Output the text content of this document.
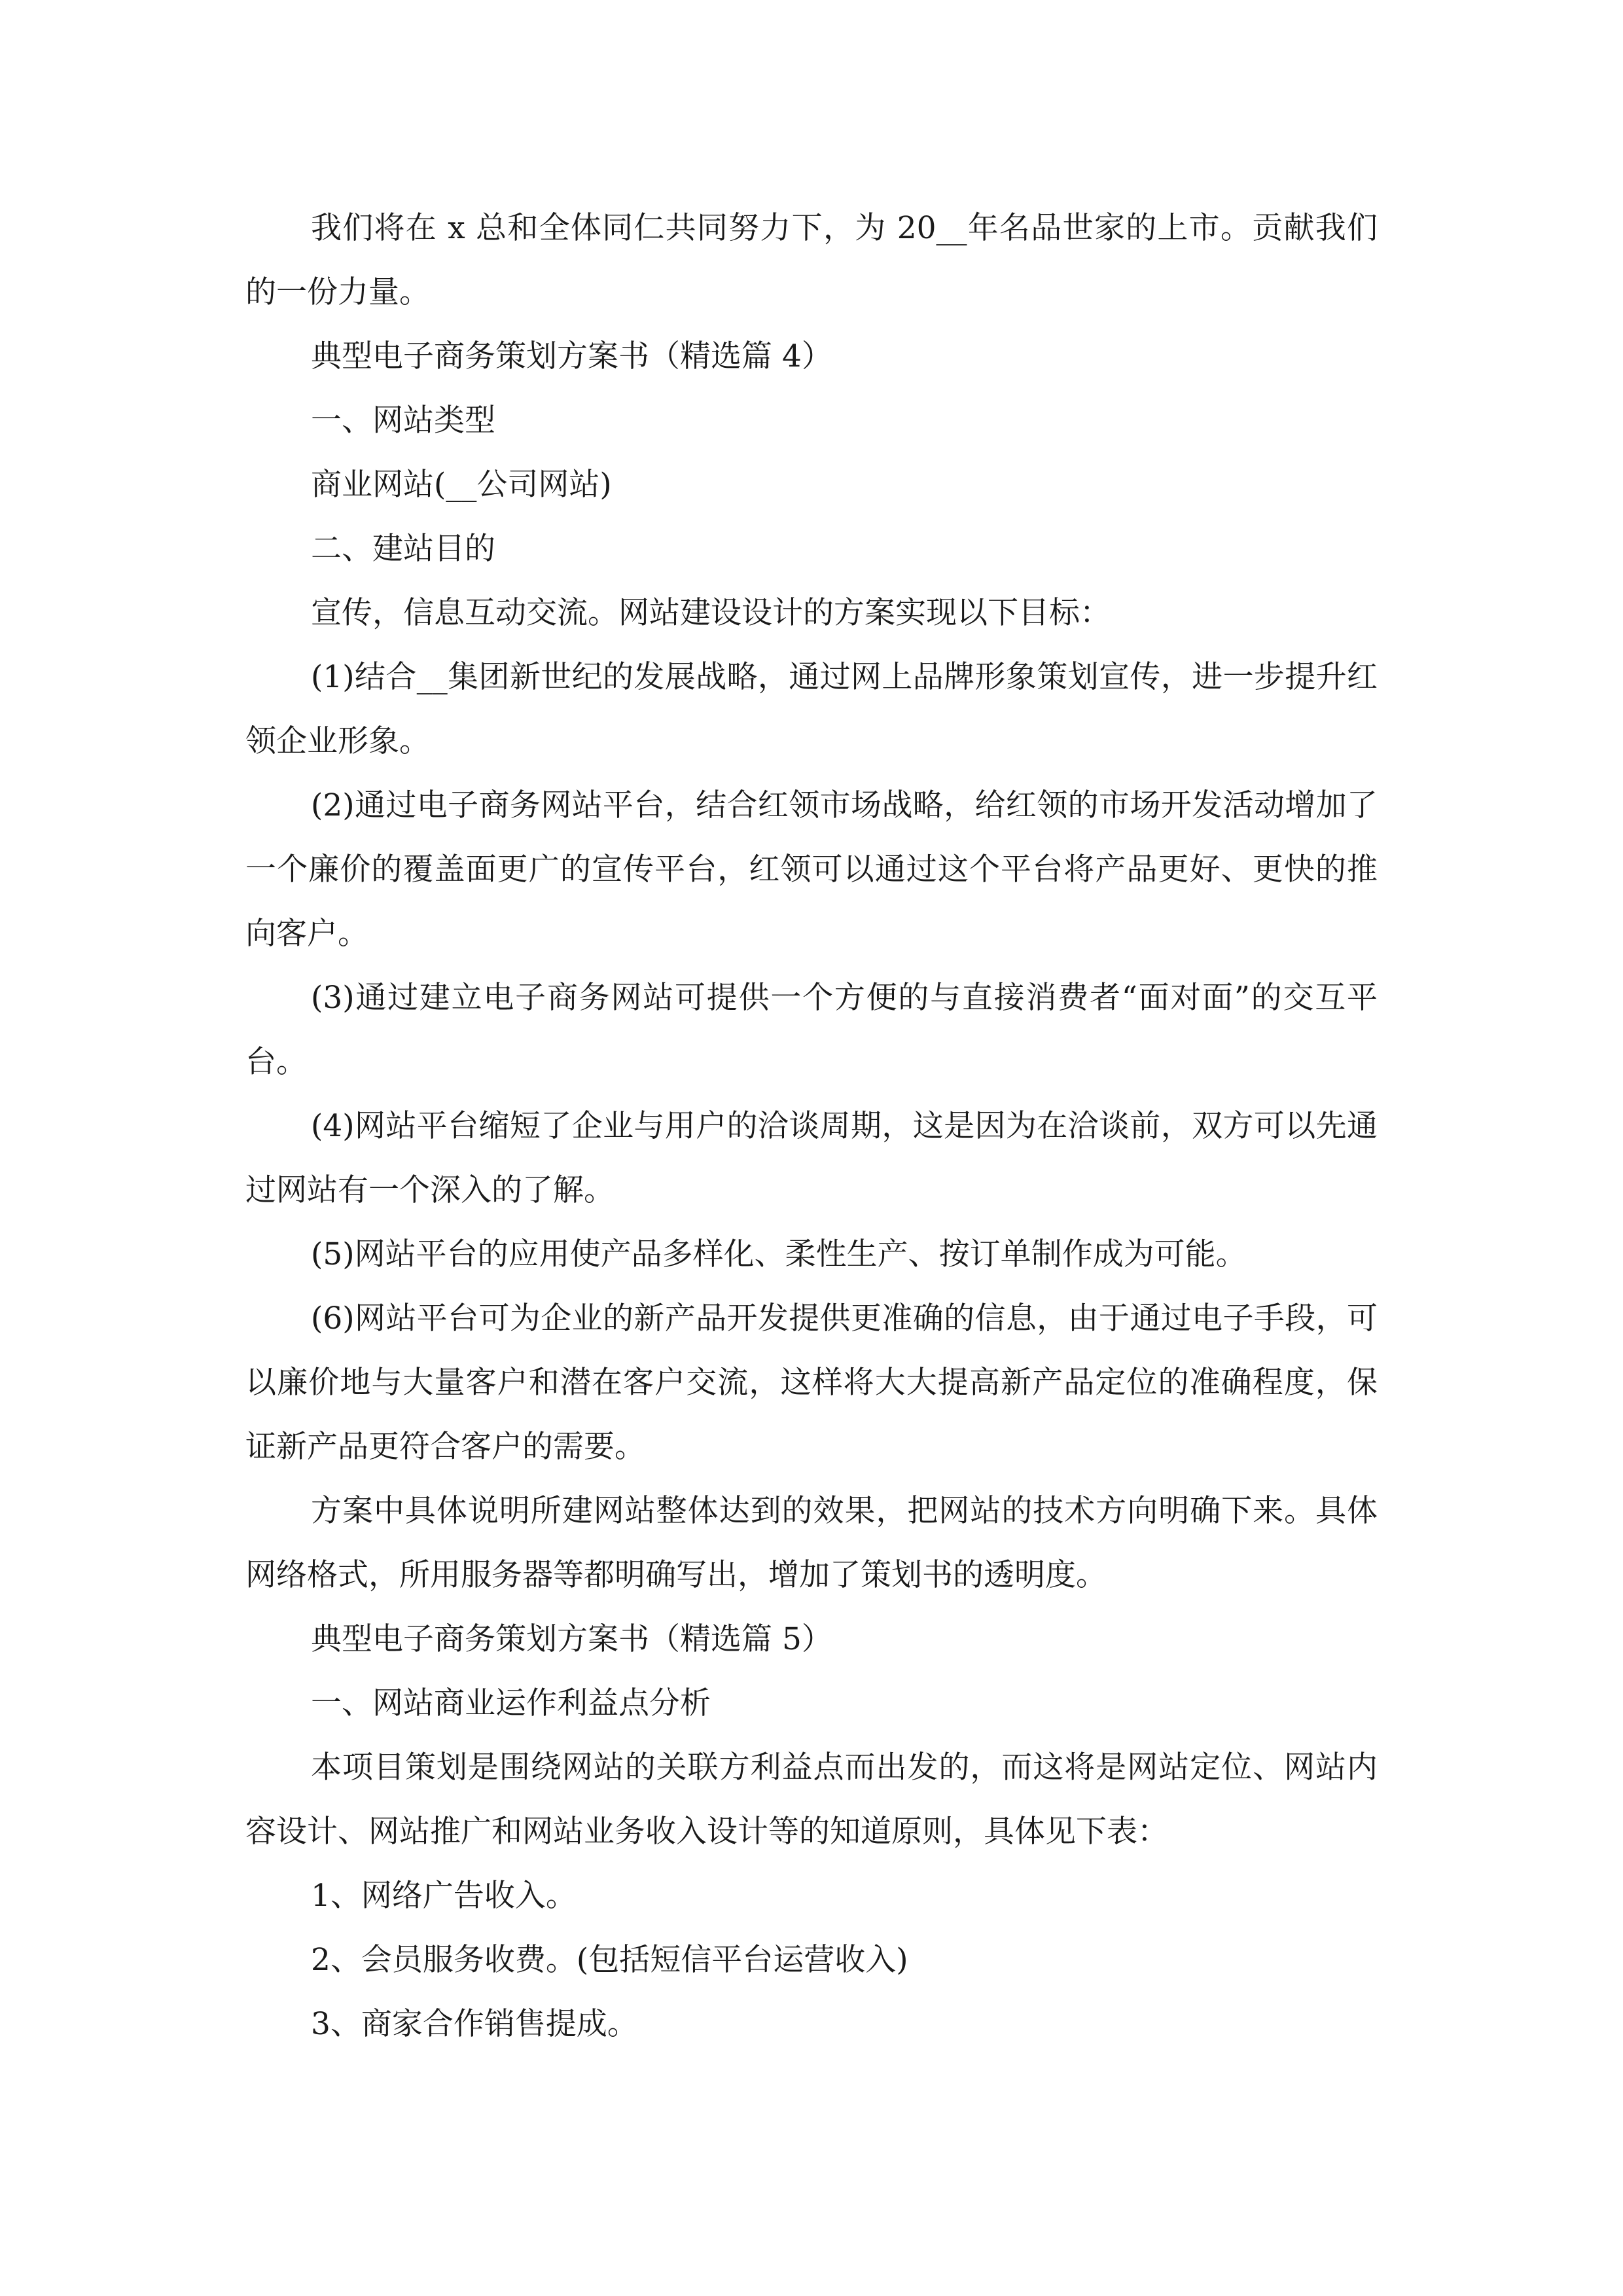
我们将在 x 总和全体同仁共同努力下，为 20__年名品世家的上市。贡献我们的一份力量。

典型电子商务策划方案书（精选篇 4）

一、网站类型

商业网站(__公司网站)

二、建站目的

宣传，信息互动交流。网站建设设计的方案实现以下目标：

(1)结合__集团新世纪的发展战略，通过网上品牌形象策划宣传，进一步提升红领企业形象。

(2)通过电子商务网站平台，结合红领市场战略，给红领的市场开发活动增加了一个廉价的覆盖面更广的宣传平台，红领可以通过这个平台将产品更好、更快的推向客户。

(3)通过建立电子商务网站可提供一个方便的与直接消费者“面对面”的交互平台。

(4)网站平台缩短了企业与用户的洽谈周期，这是因为在洽谈前，双方可以先通过网站有一个深入的了解。

(5)网站平台的应用使产品多样化、柔性生产、按订单制作成为可能。

(6)网站平台可为企业的新产品开发提供更准确的信息，由于通过电子手段，可以廉价地与大量客户和潜在客户交流，这样将大大提高新产品定位的准确程度，保证新产品更符合客户的需要。

方案中具体说明所建网站整体达到的效果，把网站的技术方向明确下来。具体网络格式，所用服务器等都明确写出，增加了策划书的透明度。

典型电子商务策划方案书（精选篇 5）

一、网站商业运作利益点分析

本项目策划是围绕网站的关联方利益点而出发的，而这将是网站定位、网站内容设计、网站推广和网站业务收入设计等的知道原则，具体见下表：

1、网络广告收入。

2、会员服务收费。(包括短信平台运营收入)

3、商家合作销售提成。
